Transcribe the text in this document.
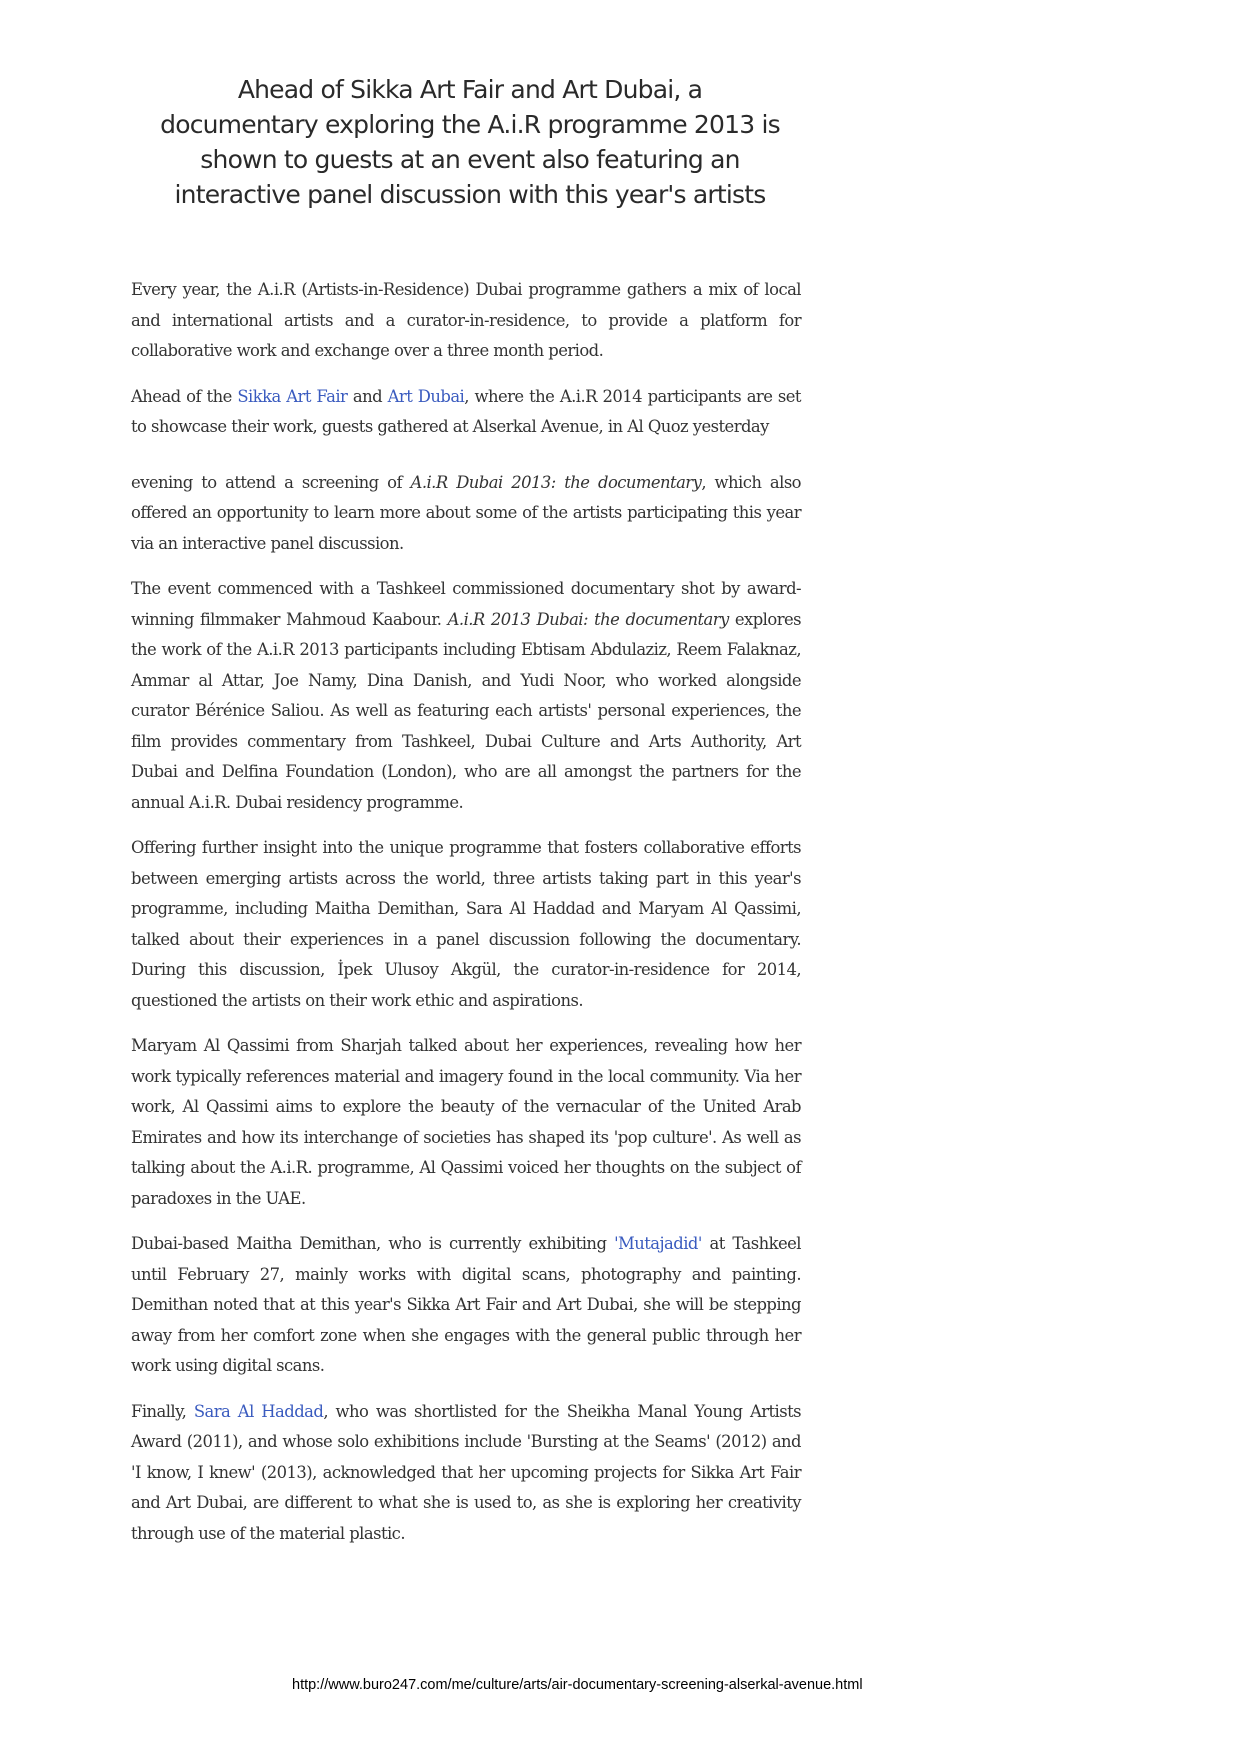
Ahead of Sikka Art Fair and Art Dubai, a
documentary exploring the A.i.R programme 2013 is
shown to guests at an event also featuring an
interactive panel discussion with this year's artists

Every year, the A.i.R (Artists-in-Residence) Dubai programme gathers a mix of local and international artists and a curator-in-residence, to provide a platform for collaborative work and exchange over a three month period.

Ahead of the Sikka Art Fair and Art Dubai, where the A.i.R 2014 participants are set to showcase their work, guests gathered at Alserkal Avenue, in Al Quoz yesterday

evening to attend a screening of A.i.R Dubai 2013: the documentary, which also offered an opportunity to learn more about some of the artists participating this year via an interactive panel discussion.

The event commenced with a Tashkeel commissioned documentary shot by award-winning filmmaker Mahmoud Kaabour. A.i.R 2013 Dubai: the documentary explores the work of the A.i.R 2013 participants including Ebtisam Abdulaziz, Reem Falaknaz, Ammar al Attar, Joe Namy, Dina Danish, and Yudi Noor, who worked alongside curator Bérénice Saliou. As well as featuring each artists' personal experiences, the film provides commentary from Tashkeel, Dubai Culture and Arts Authority, Art Dubai and Delfina Foundation (London), who are all amongst the partners for the annual A.i.R. Dubai residency programme.

Offering further insight into the unique programme that fosters collaborative efforts between emerging artists across the world, three artists taking part in this year's programme, including Maitha Demithan, Sara Al Haddad and Maryam Al Qassimi, talked about their experiences in a panel discussion following the documentary. During this discussion, İpek Ulusoy Akgül, the curator-in-residence for 2014, questioned the artists on their work ethic and aspirations.

Maryam Al Qassimi from Sharjah talked about her experiences, revealing how her work typically references material and imagery found in the local community. Via her work, Al Qassimi aims to explore the beauty of the vernacular of the United Arab Emirates and how its interchange of societies has shaped its 'pop culture'. As well as talking about the A.i.R. programme, Al Qassimi voiced her thoughts on the subject of paradoxes in the UAE.

Dubai-based Maitha Demithan, who is currently exhibiting 'Mutajadid' at Tashkeel until February 27, mainly works with digital scans, photography and painting. Demithan noted that at this year's Sikka Art Fair and Art Dubai, she will be stepping away from her comfort zone when she engages with the general public through her work using digital scans.

Finally, Sara Al Haddad, who was shortlisted for the Sheikha Manal Young Artists Award (2011), and whose solo exhibitions include 'Bursting at the Seams' (2012) and 'I know, I knew' (2013), acknowledged that her upcoming projects for Sikka Art Fair and Art Dubai, are different to what she is used to, as she is exploring her creativity through use of the material plastic.

http://www.buro247.com/me/culture/arts/air-documentary-screening-alserkal-avenue.html
